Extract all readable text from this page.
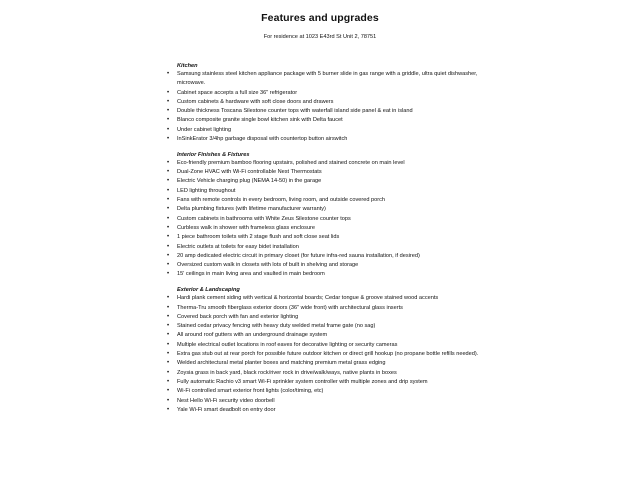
Features and upgrades
For residence at 1023 E43rd St Unit 2, 78751
Kitchen
• Samsung stainless steel kitchen appliance package with 5 burner slide in gas range with a griddle, ultra quiet dishwasher, microwave.
• Cabinet space accepts a full size 36" refrigerator
• Custom cabinets & hardware with soft close doors and drawers
• Double thickness Toscana Silestone counter tops with waterfall island side panel & eat in island
• Blanco composite granite single bowl kitchen sink with Delta faucet
• Under cabinet lighting
• InSinkErator 3/4hp garbage disposal with countertop button airswitch
Interior Finishes & Fixtures
• Eco-friendly premium bamboo flooring upstairs, polished and stained concrete on main level
• Dual-Zone HVAC with Wi-Fi controllable Nest Thermostats
• Electric Vehicle charging plug (NEMA 14-50) in the garage
• LED lighting throughout
• Fans with remote controls in every bedroom, living room, and outside covered porch
• Delta plumbing fixtures (with lifetime manufacturer warranty)
• Custom cabinets in bathrooms with White Zeus Silestone counter tops
• Curbless walk in shower with frameless glass enclosure
• 1 piece bathroom toilets with 2 stage flush and soft close seat lids
• Electric outlets at toilets for easy bidet installation
• 20 amp dedicated electric circuit in primary closet (for future infra-red sauna installation, if desired)
• Oversized custom walk in closets with lots of built in shelving and storage
• 15' ceilings in main living area and vaulted in main bedroom
Exterior & Landscaping
• Hardi plank cement siding with vertical & horizontal boards; Cedar tongue & groove stained wood accents
• Therma-Tru smooth fiberglass exterior doors (36" wide front) with architectural glass inserts
• Covered back porch with fan and exterior lighting
• Stained cedar privacy fencing with heavy duty welded metal frame gate (no sag)
• All around roof gutters with an underground drainage system
• Multiple electrical outlet locations in roof eaves for decorative lighting or security cameras
• Extra gas stub out at rear porch for possible future outdoor kitchen or direct grill hookup (no propane bottle refills needed).
• Welded architectural metal planter boxes and matching premium metal grass edging
• Zoysia grass in back yard, black rock/river rock in drive/walk/ways, native plants in boxes
• Fully automatic Rachio v3 smart Wi-Fi sprinkler system controller with multiple zones and drip system
• Wi-Fi controlled smart exterior front lights (color/timing, etc)
• Nest Hello Wi-Fi security video doorbell
• Yale Wi-Fi smart deadbolt on entry door
